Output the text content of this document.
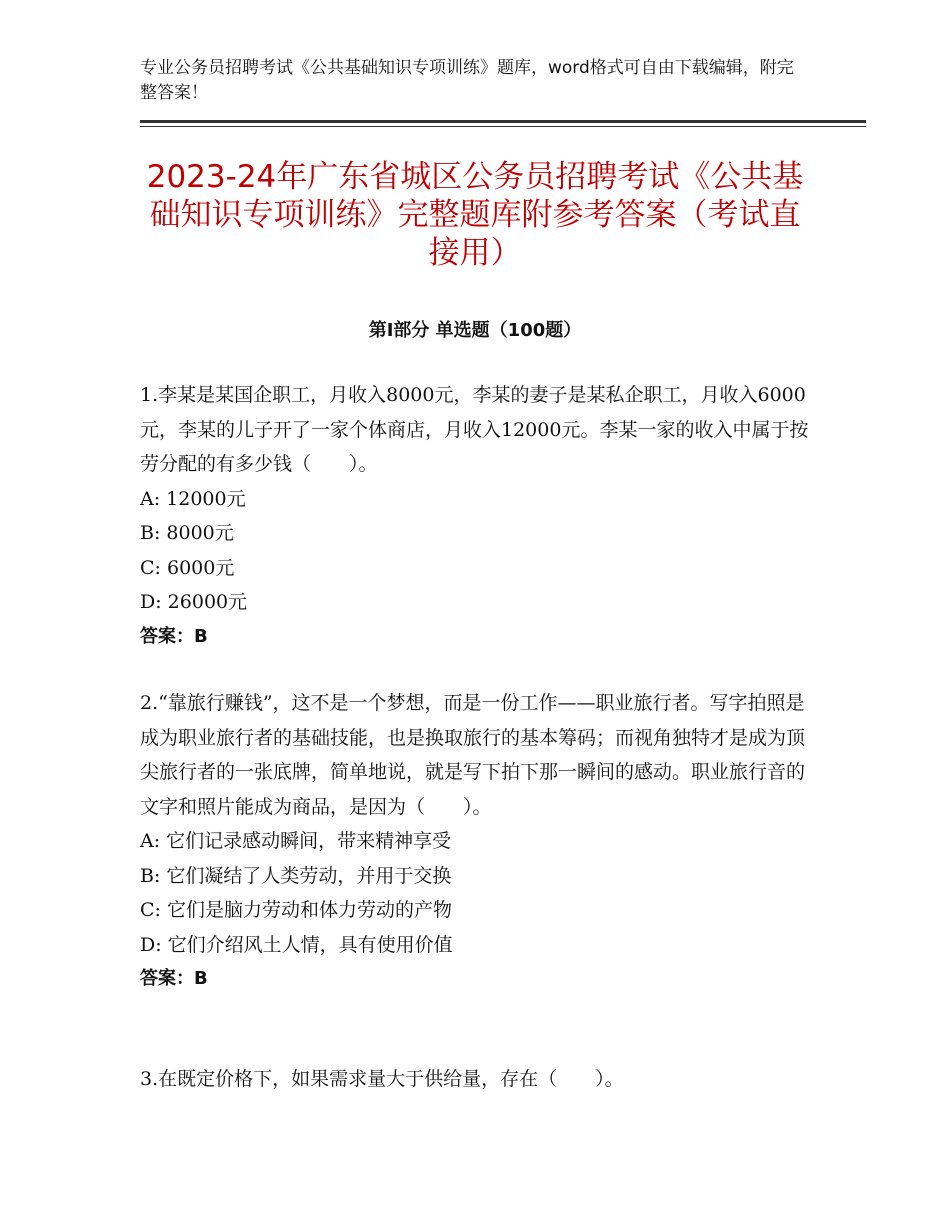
专业公务员招聘考试《公共基础知识专项训练》题库，word格式可自由下载编辑，附完整答案！
2023-24年广东省城区公务员招聘考试《公共基础知识专项训练》完整题库附参考答案（考试直接用）
第I部分 单选题（100题）

1.李某是某国企职工，月收入8000元，李某的妻子是某私企职工，月收入6000元，李某的儿子开了一家个体商店，月收入12000元。李某一家的收入中属于按劳分配的有多少钱（　　）。

A: 12000元

B: 8000元

C: 6000元

D: 26000元

答案：B

2.“靠旅行赚钱”，这不是一个梦想，而是一份工作——职业旅行者。写字拍照是成为职业旅行者的基础技能，也是换取旅行的基本筹码；而视角独特才是成为顶尖旅行者的一张底牌，简单地说，就是写下拍下那一瞬间的感动。职业旅行音的文字和照片能成为商品，是因为（　　）。

A: 它们记录感动瞬间，带来精神享受

B: 它们凝结了人类劳动，并用于交换

C: 它们是脑力劳动和体力劳动的产物

D: 它们介绍风土人情，具有使用价值

答案：B

3.在既定价格下，如果需求量大于供给量，存在（　　）。
